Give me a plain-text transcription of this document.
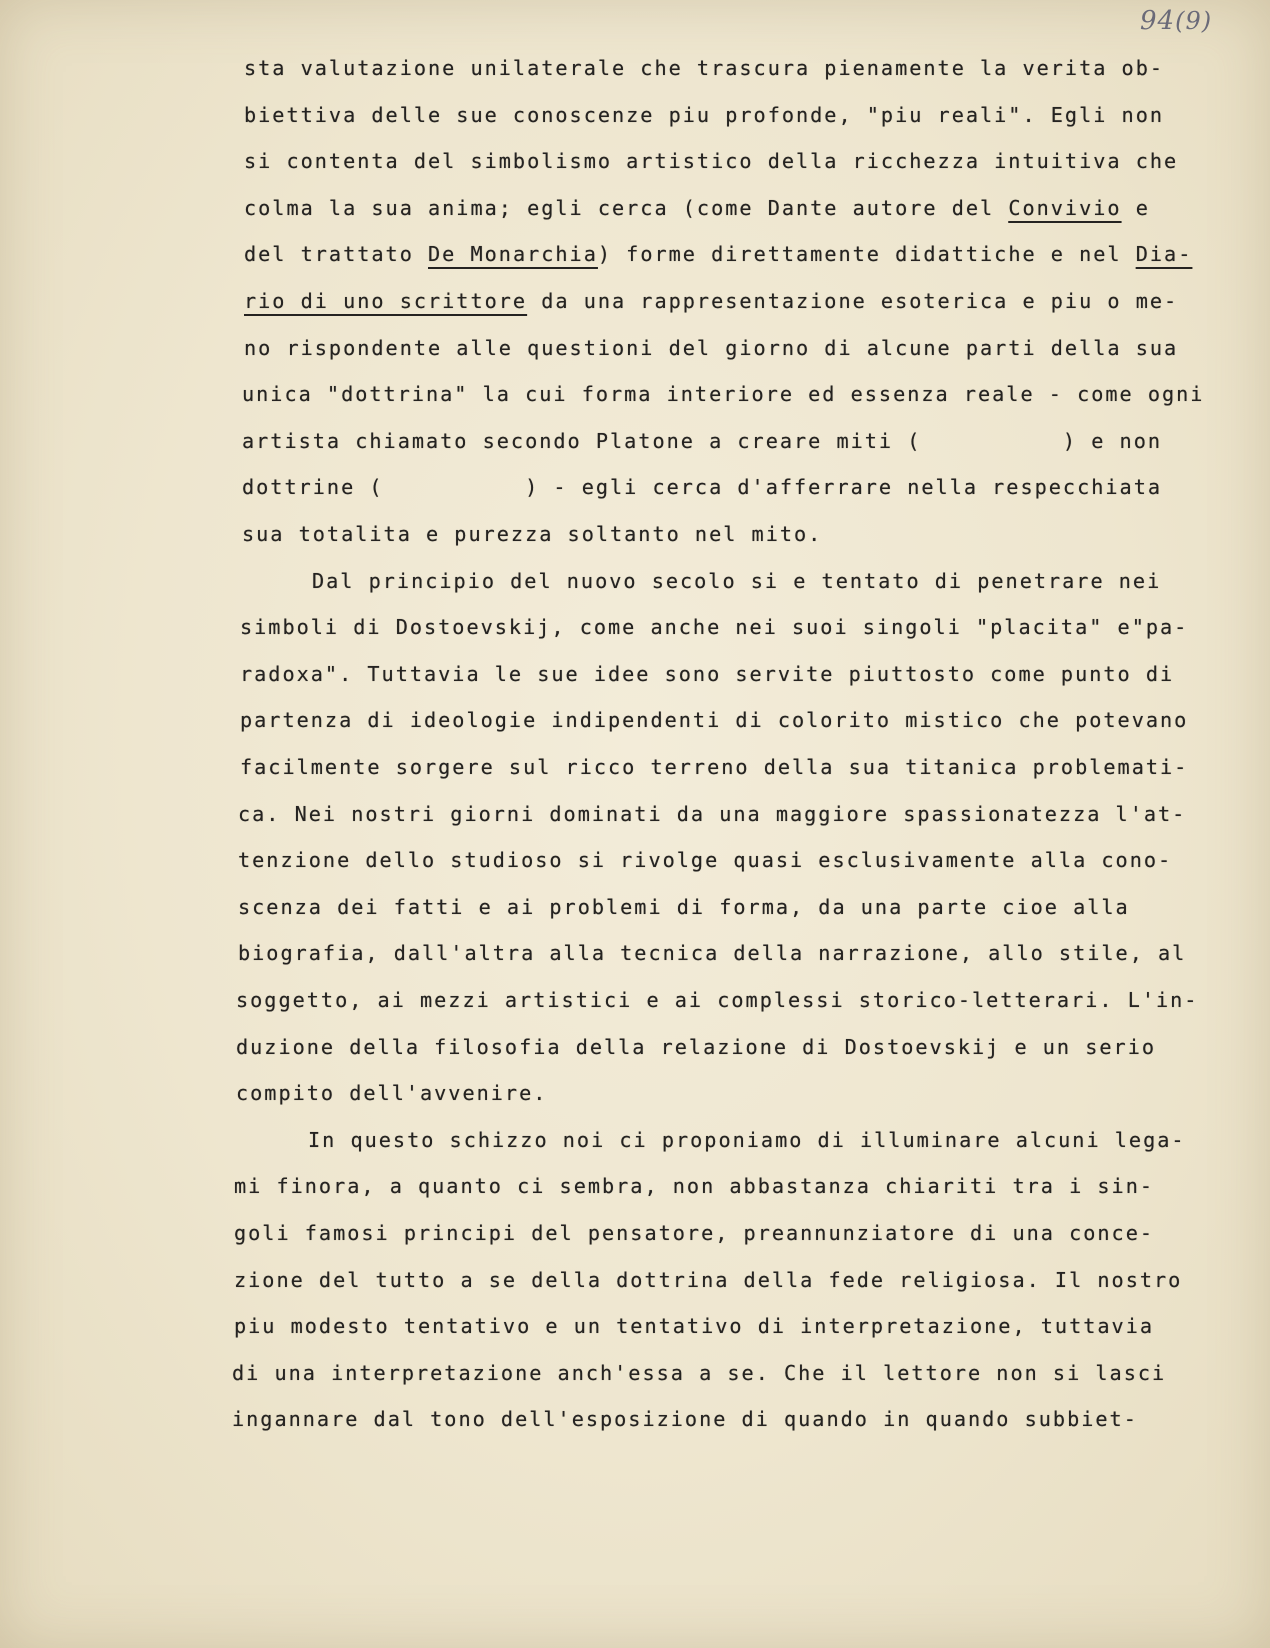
94(9)
sta valutazione unilaterale che trascura pienamente la verita ob-
biettiva delle sue conoscenze piu profonde, "piu reali". Egli non
si contenta del simbolismo artistico della ricchezza intuitiva che
colma la sua anima; egli cerca (come Dante autore del Convivio e
del trattato De Monarchia) forme direttamente didattiche e nel Dia-
rio di uno scrittore da una rappresentazione esoterica e piu o me-
no rispondente alle questioni del giorno di alcune parti della sua
unica "dottrina" la cui forma interiore ed essenza reale - come ogni
artista chiamato secondo Platone a creare miti (          ) e non
dottrine (          ) - egli cerca d'afferrare nella respecchiata
sua totalita e purezza soltanto nel mito.
Dal principio del nuovo secolo si e tentato di penetrare nei
simboli di Dostoevskij, come anche nei suoi singoli "placita" e"pa-
radoxa". Tuttavia le sue idee sono servite piuttosto come punto di
partenza di ideologie indipendenti di colorito mistico che potevano
facilmente sorgere sul ricco terreno della sua titanica problemati-
ca. Nei nostri giorni dominati da una maggiore spassionatezza l'at-
tenzione dello studioso si rivolge quasi esclusivamente alla cono-
scenza dei fatti e ai problemi di forma, da una parte cioe alla
biografia, dall'altra alla tecnica della narrazione, allo stile, al
soggetto, ai mezzi artistici e ai complessi storico-letterari. L'in-
duzione della filosofia della relazione di Dostoevskij e un serio
compito dell'avvenire.
In questo schizzo noi ci proponiamo di illuminare alcuni lega-
mi finora, a quanto ci sembra, non abbastanza chiariti tra i sin-
goli famosi principi del pensatore, preannunziatore di una conce-
zione del tutto a se della dottrina della fede religiosa. Il nostro
piu modesto tentativo e un tentativo di interpretazione, tuttavia
di una interpretazione anch'essa a se. Che il lettore non si lasci
ingannare dal tono dell'esposizione di quando in quando subbiet-
